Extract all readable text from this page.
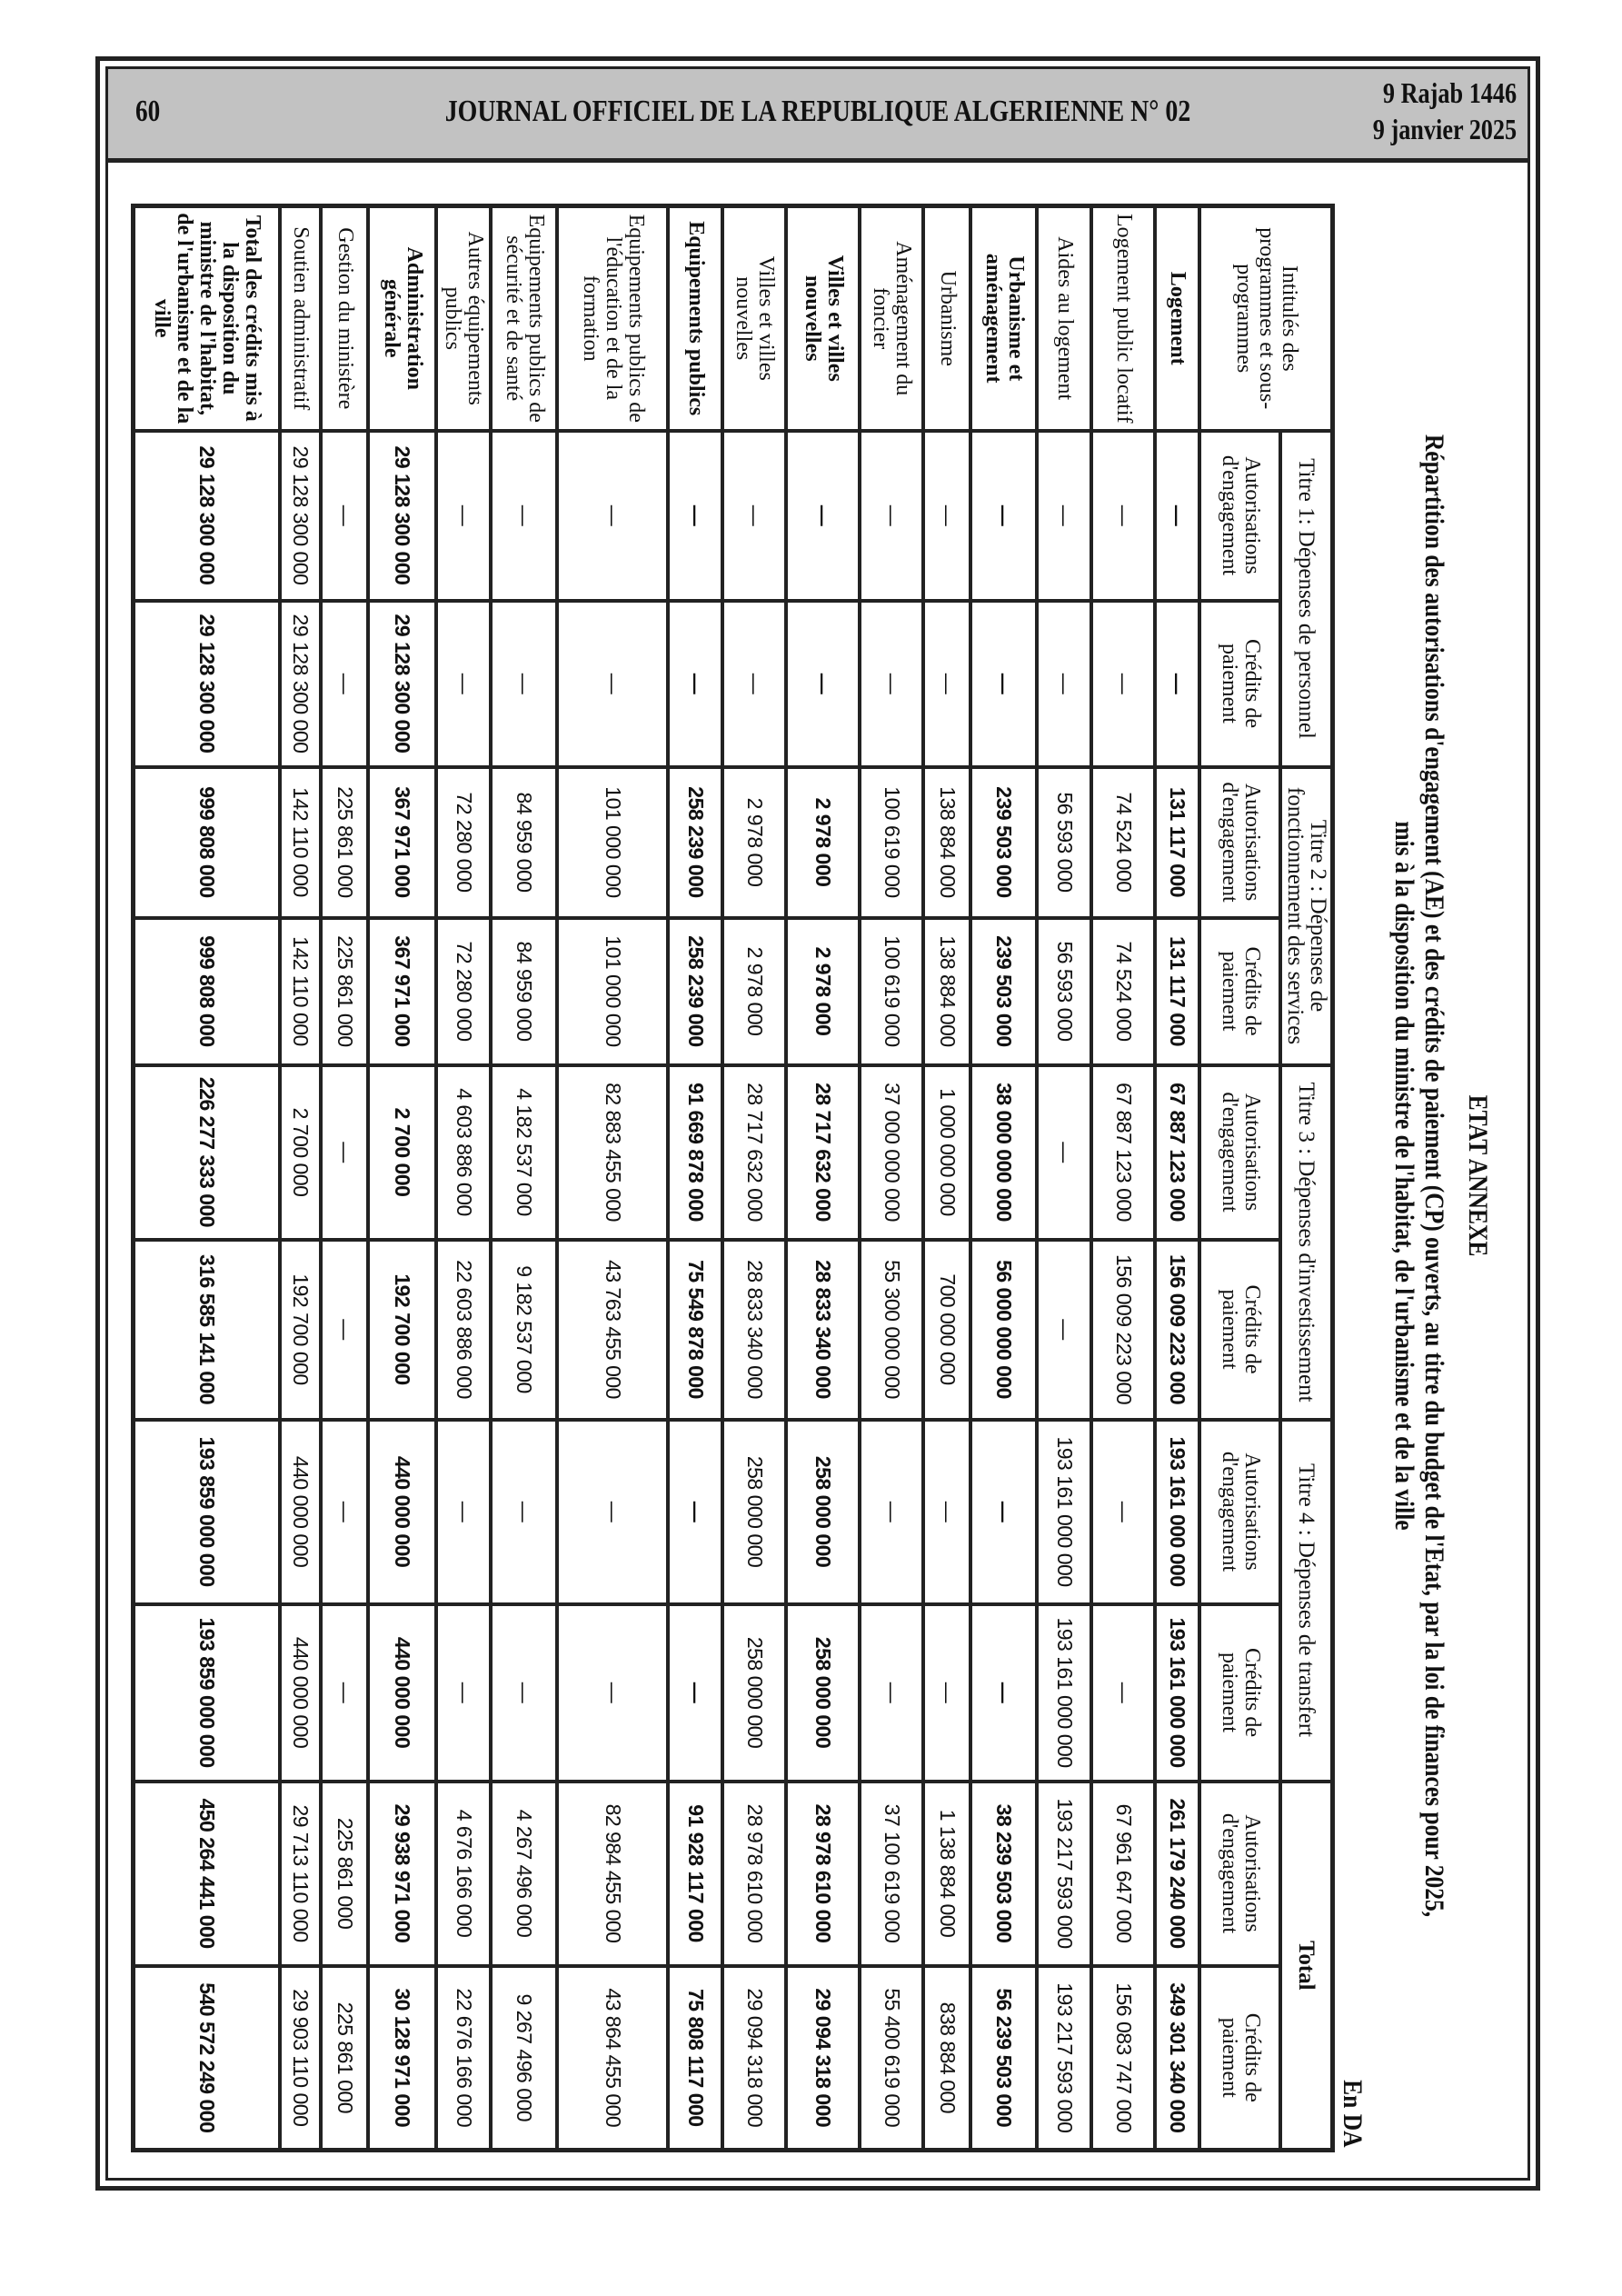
60	JOURNAL OFFICIEL DE LA REPUBLIQUE ALGERIENNE N° 02
9 Rajab 1446
9 janvier 2025
ETAT ANNEXE
Répartition des autorisations d'engagement (AE) et des crédits de paiement (CP) ouverts, au titre du budget de l'Etat, par la loi de finances pour 2025,
mis à la disposition du ministre de l'habitat, de l'urbanisme et de la ville
En DA
Intitulés des programmes et sous-programmes	Titre 1: Dépenses de personnel		Titre 2 : Dépenses de fonctionnement des services		Titre 3 : Dépenses d'investissement		Titre 4 : Dépenses de transfert		Total	
	Autorisations d'engagement	Crédits de paiement	Autorisations d'engagement	Crédits de paiement	Autorisations d'engagement	Crédits de paiement	Autorisations d'engagement	Crédits de paiement	Autorisations d'engagement	Crédits de paiement
Logement	—	—	131 117 000	131 117 000	67 887 123 000	156 009 223 000	193 161 000 000	193 161 000 000	261 179 240 000	349 301 340 000
Logement public locatif	—	—	74 524 000	74 524 000	67 887 123 000	156 009 223 000	—	—	67 961 647 000	156 083 747 000
Aides au logement	—	—	56 593 000	56 593 000	—	—	193 161 000 000	193 161 000 000	193 217 593 000	193 217 593 000
Urbanisme et aménagement	—	—	239 503 000	239 503 000	38 000 000 000	56 000 000 000	—	—	38 239 503 000	56 239 503 000
Urbanisme	—	—	138 884 000	138 884 000	1 000 000 000	700 000 000	—	—	1 138 884 000	838 884 000
Aménagement du foncier	—	—	100 619 000	100 619 000	37 000 000 000	55 300 000 000	—	—	37 100 619 000	55 400 619 000
Villes et villes nouvelles	—	—	2 978 000	2 978 000	28 717 632 000	28 833 340 000	258 000 000	258 000 000	28 978 610 000	29 094 318 000
Villes et villes nouvelles	—	—	2 978 000	2 978 000	28 717 632 000	28 833 340 000	258 000 000	258 000 000	28 978 610 000	29 094 318 000
Equipements publics	—	—	258 239 000	258 239 000	91 669 878 000	75 549 878 000	—	—	91 928 117 000	75 808 117 000
Equipements publics de l'éducation et de la formation	—	—	101 000 000	101 000 000	82 883 455 000	43 763 455 000	—	—	82 984 455 000	43 864 455 000
Equipements publics de sécurité et de santé	—	—	84 959 000	84 959 000	4 182 537 000	9 182 537 000	—	—	4 267 496 000	9 267 496 000
Autres équipements publics	—	—	72 280 000	72 280 000	4 603 886 000	22 603 886 000	—	—	4 676 166 000	22 676 166 000
Administration générale	29 128 300 000	29 128 300 000	367 971 000	367 971 000	2 700 000	192 700 000	440 000 000	440 000 000	29 938 971 000	30 128 971 000
Gestion du ministère	—	—	225 861 000	225 861 000	—	—	—	—	225 861 000	225 861 000
Soutien administratif	29 128 300 000	29 128 300 000	142 110 000	142 110 000	2 700 000	192 700 000	440 000 000	440 000 000	29 713 110 000	29 903 110 000
Total des crédits mis à la disposition du ministre de l'habitat, de l'urbanisme et de la ville	29 128 300 000	29 128 300 000	999 808 000	999 808 000	226 277 333 000	316 585 141 000	193 859 000 000	193 859 000 000	450 264 441 000	540 572 249 000
